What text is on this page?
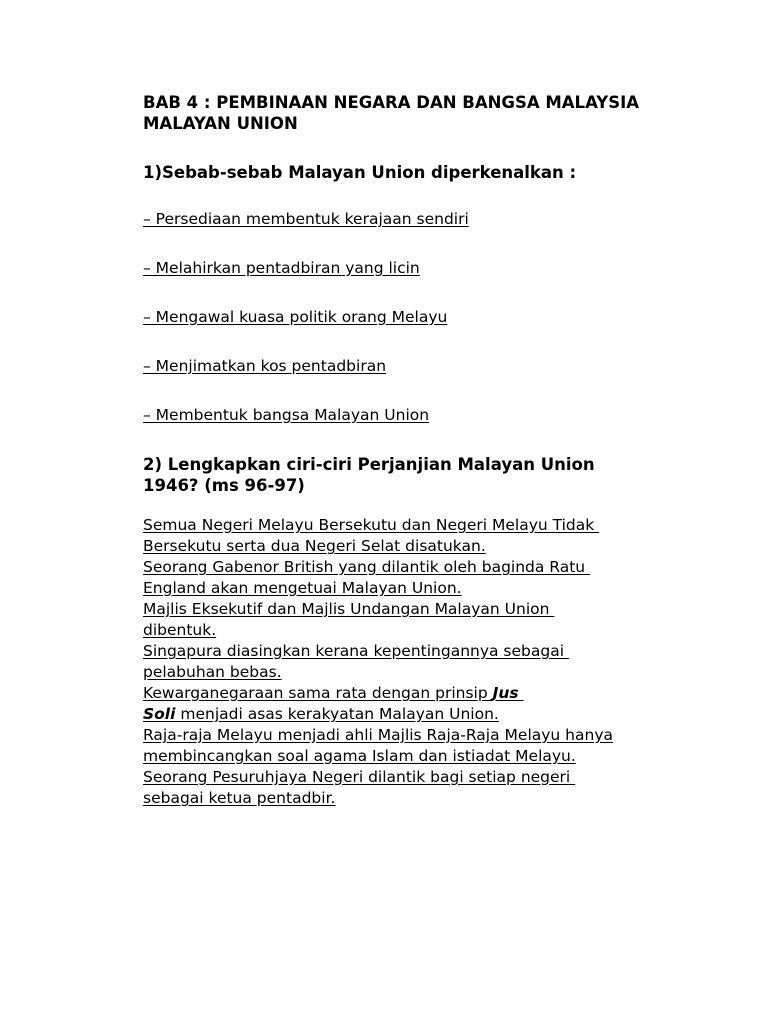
BAB 4 : PEMBINAAN NEGARA DAN BANGSA MALAYSIA
MALAYAN UNION

1)Sebab-sebab Malayan Union diperkenalkan :

– Persediaan membentuk kerajaan sendiri
– Melahirkan pentadbiran yang licin
– Mengawal kuasa politik orang Melayu
– Menjimatkan kos pentadbiran
– Membentuk bangsa Malayan Union

2) Lengkapkan ciri-ciri Perjanjian Malayan Union
1946? (ms 96-97)

Semua Negeri Melayu Bersekutu dan Negeri Melayu Tidak
Bersekutu serta dua Negeri Selat disatukan.
Seorang Gabenor British yang dilantik oleh baginda Ratu
England akan mengetuai Malayan Union.
Majlis Eksekutif dan Majlis Undangan Malayan Union
dibentuk.
Singapura diasingkan kerana kepentingannya sebagai
pelabuhan bebas.
Kewarganegaraan sama rata dengan prinsip Jus
Soli menjadi asas kerakyatan Malayan Union.
Raja-raja Melayu menjadi ahli Majlis Raja-Raja Melayu hanya
membincangkan soal agama Islam dan istiadat Melayu.
Seorang Pesuruhjaya Negeri dilantik bagi setiap negeri
sebagai ketua pentadbir.
